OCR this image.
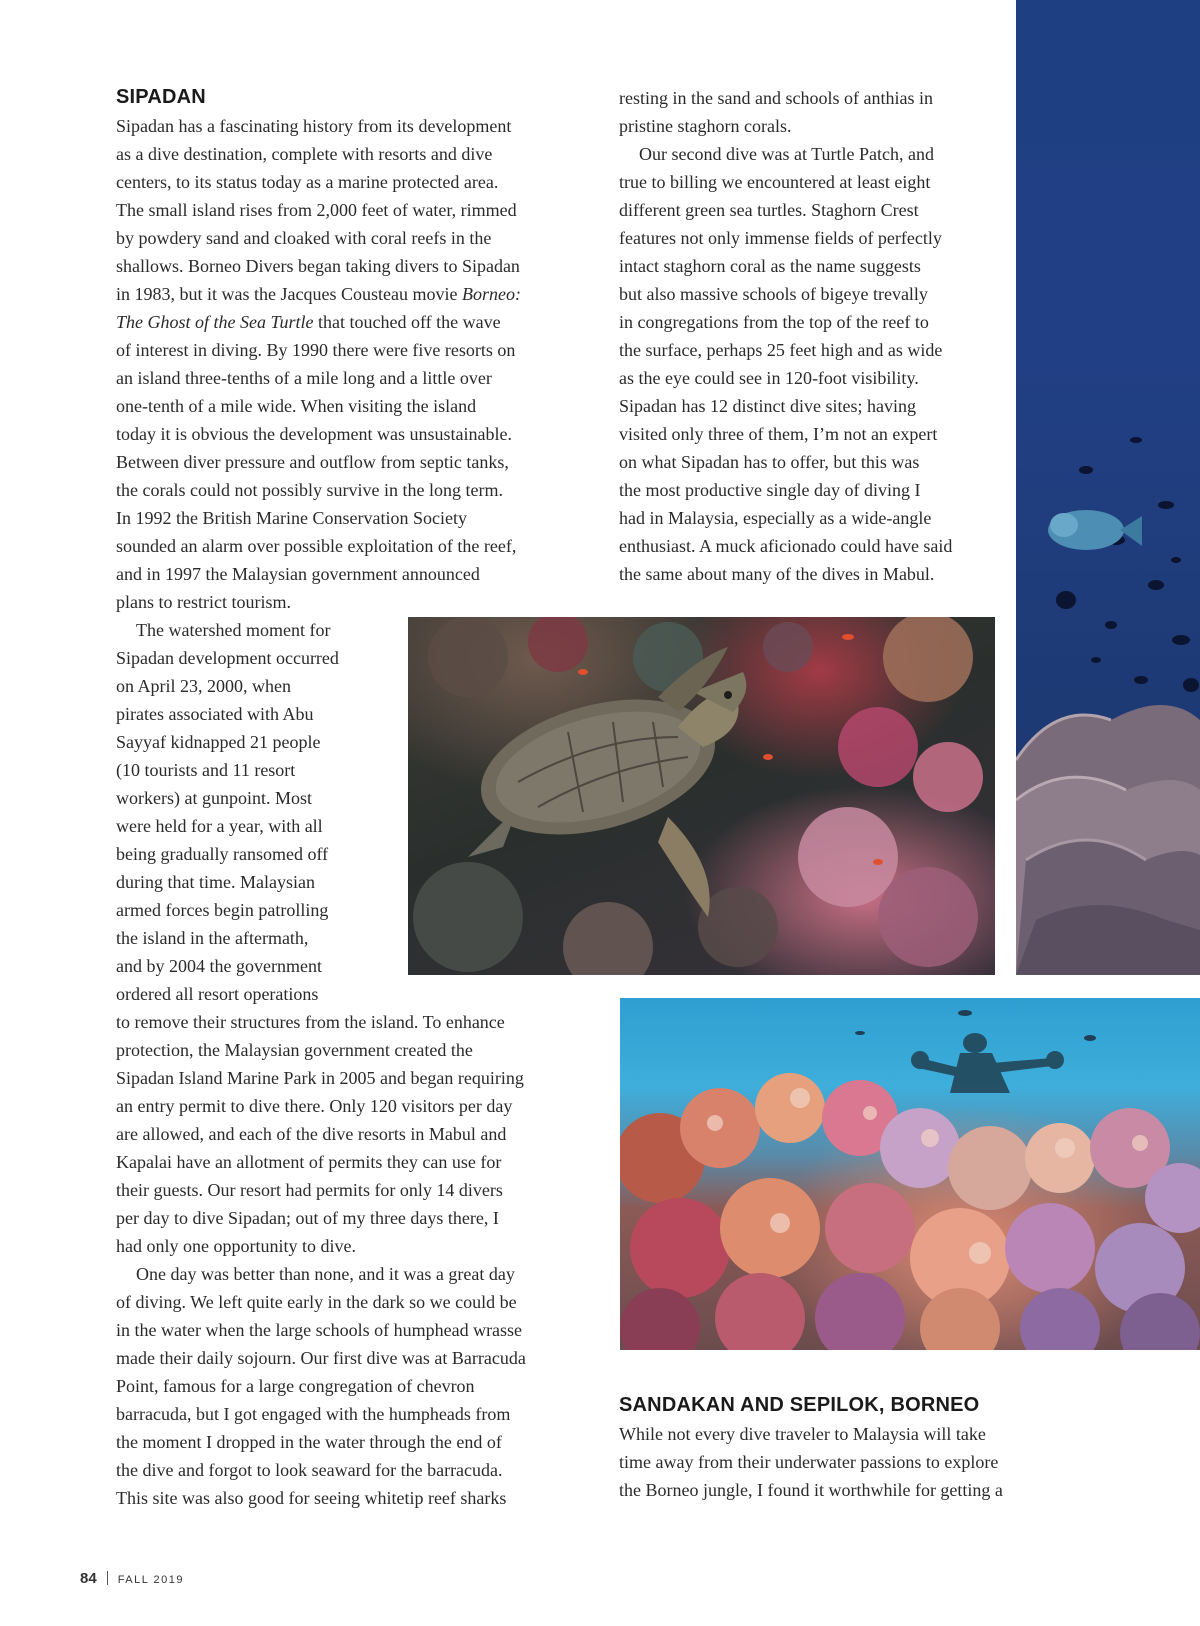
SIPADAN

Sipadan has a fascinating history from its development

as a dive destination, complete with resorts and dive

centers, to its status today as a marine protected area.

The small island rises from 2,000 feet of water, rimmed

by powdery sand and cloaked with coral reefs in the

shallows. Borneo Divers began taking divers to Sipadan

in 1983, but it was the Jacques Cousteau movie Borneo:

The Ghost of the Sea Turtle that touched off the wave

of interest in diving. By 1990 there were five resorts on

an island three-tenths of a mile long and a little over

one-tenth of a mile wide. When visiting the island

today it is obvious the development was unsustainable.

Between diver pressure and outflow from septic tanks,

the corals could not possibly survive in the long term.

In 1992 the British Marine Conservation Society

sounded an alarm over possible exploitation of the reef,

and in 1997 the Malaysian government announced

plans to restrict tourism.

The watershed moment for

Sipadan development occurred

on April 23, 2000, when

pirates associated with Abu

Sayyaf kidnapped 21 people

(10 tourists and 11 resort

workers) at gunpoint. Most

were held for a year, with all

being gradually ransomed off

during that time. Malaysian

armed forces begin patrolling

the island in the aftermath,

and by 2004 the government

ordered all resort operations

to remove their structures from the island. To enhance

protection, the Malaysian government created the

Sipadan Island Marine Park in 2005 and began requiring

an entry permit to dive there. Only 120 visitors per day

are allowed, and each of the dive resorts in Mabul and

Kapalai have an allotment of permits they can use for

their guests. Our resort had permits for only 14 divers

per day to dive Sipadan; out of my three days there, I

had only one opportunity to dive.

One day was better than none, and it was a great day

of diving. We left quite early in the dark so we could be

in the water when the large schools of humphead wrasse

made their daily sojourn. Our first dive was at Barracuda

Point, famous for a large congregation of chevron

barracuda, but I got engaged with the humpheads from

the moment I dropped in the water through the end of

the dive and forgot to look seaward for the barracuda.

This site was also good for seeing whitetip reef sharks

resting in the sand and schools of anthias in

pristine staghorn corals.

Our second dive was at Turtle Patch, and

true to billing we encountered at least eight

different green sea turtles. Staghorn Crest

features not only immense fields of perfectly

intact staghorn coral as the name suggests

but also massive schools of bigeye trevally

in congregations from the top of the reef to

the surface, perhaps 25 feet high and as wide

as the eye could see in 120-foot visibility.

Sipadan has 12 distinct dive sites; having

visited only three of them, I’m not an expert

on what Sipadan has to offer, but this was

the most productive single day of diving I

had in Malaysia, especially as a wide-angle

enthusiast. A muck aficionado could have said

the same about many of the dives in Mabul.

SANDAKAN AND SEPILOK, BORNEO

While not every dive traveler to Malaysia will take

time away from their underwater passions to explore

the Borneo jungle, I found it worthwhile for getting a

84 FALL 2019
